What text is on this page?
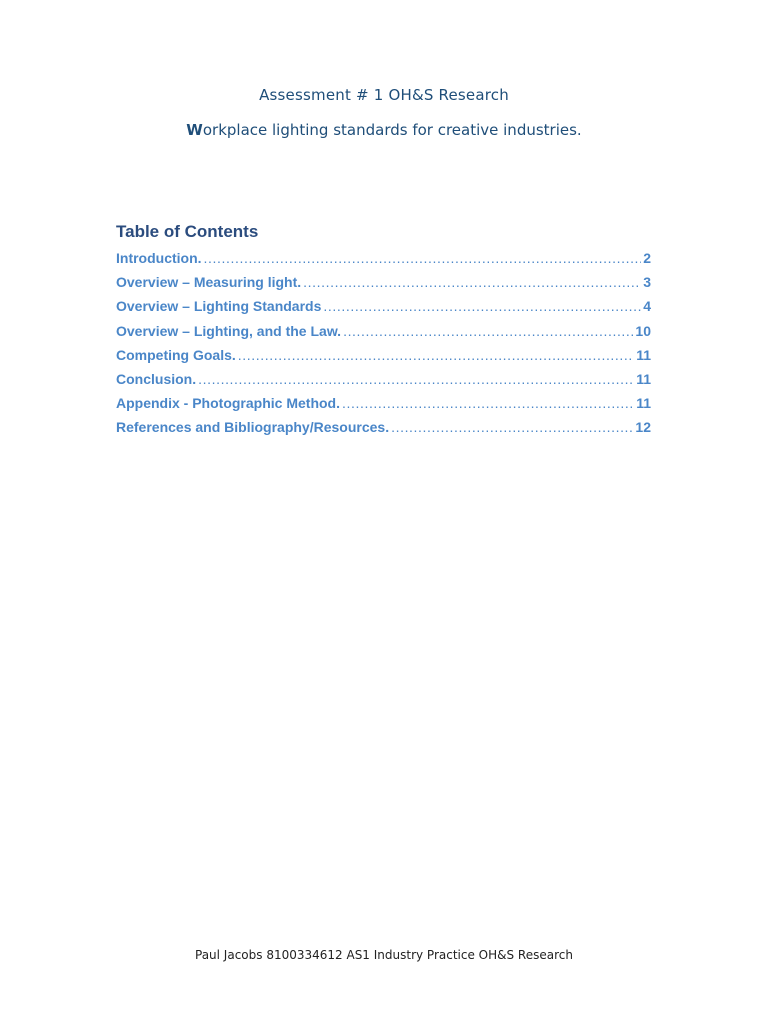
Assessment # 1 OH&S Research
Workplace lighting standards for creative industries.
Table of Contents
Introduction. .....	2
Overview – Measuring light. .....	3
Overview – Lighting Standards .....	4
Overview – Lighting, and the Law. .....	10
Competing Goals. .....	11
Conclusion. .....	11
Appendix - Photographic Method. .....	11
References and Bibliography/Resources. .....	12

Paul Jacobs 8100334612 AS1 Industry Practice OH&S Research
